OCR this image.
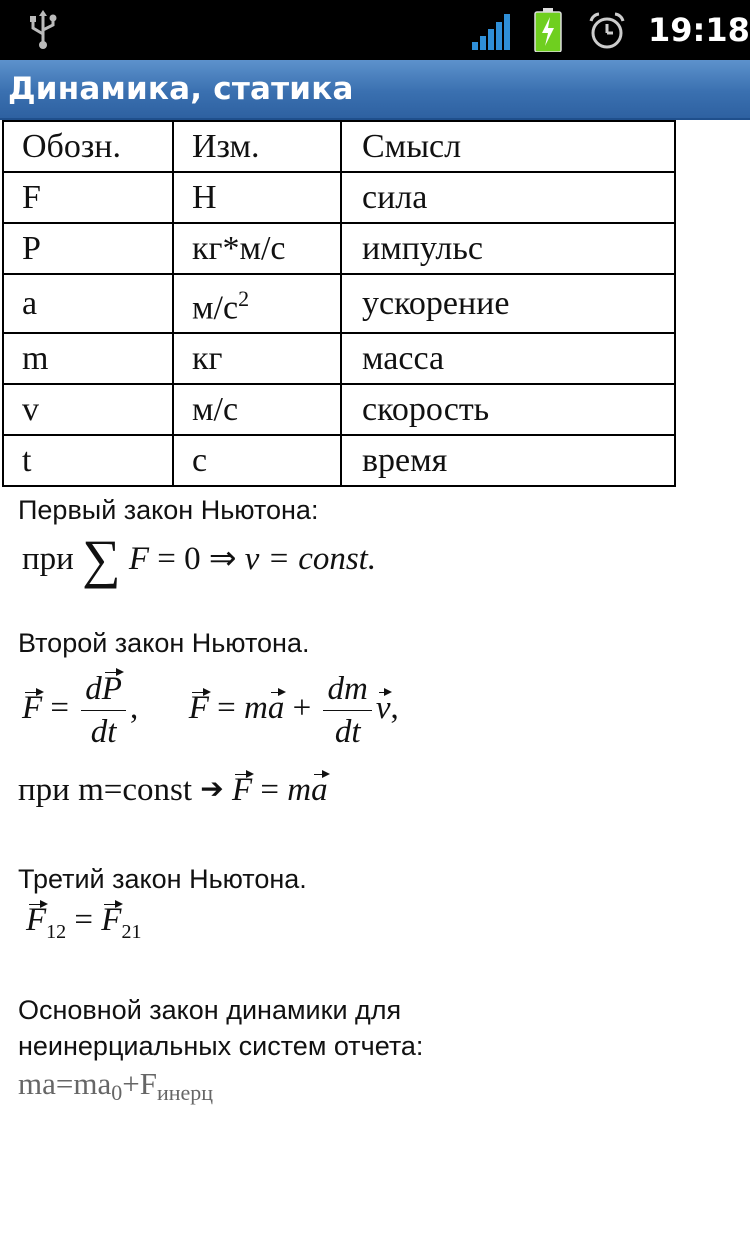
19:18
Динамика, статика
Обозн.	Изм.	Смысл
F	Н	сила
P	кг*м/с	импульс
a	$м/с^2$	ускорение
m	кг	масса
v	м/с	скорость
t	с	время
Первый закон Ньютона:
при ∑ F = 0 ⇒ v = const.
Второй закон Ньютона.
$F = \frac{dP}{dt}$ , F = ma + $\frac{dm}{dt} v$,
при m=const ➔ F = ma
Третий закон Ньютона.
$F_{12} = F_{21}$
Основной закон динамики для
неинерциальных систем отчета:
ma=ma0+Fинерц
